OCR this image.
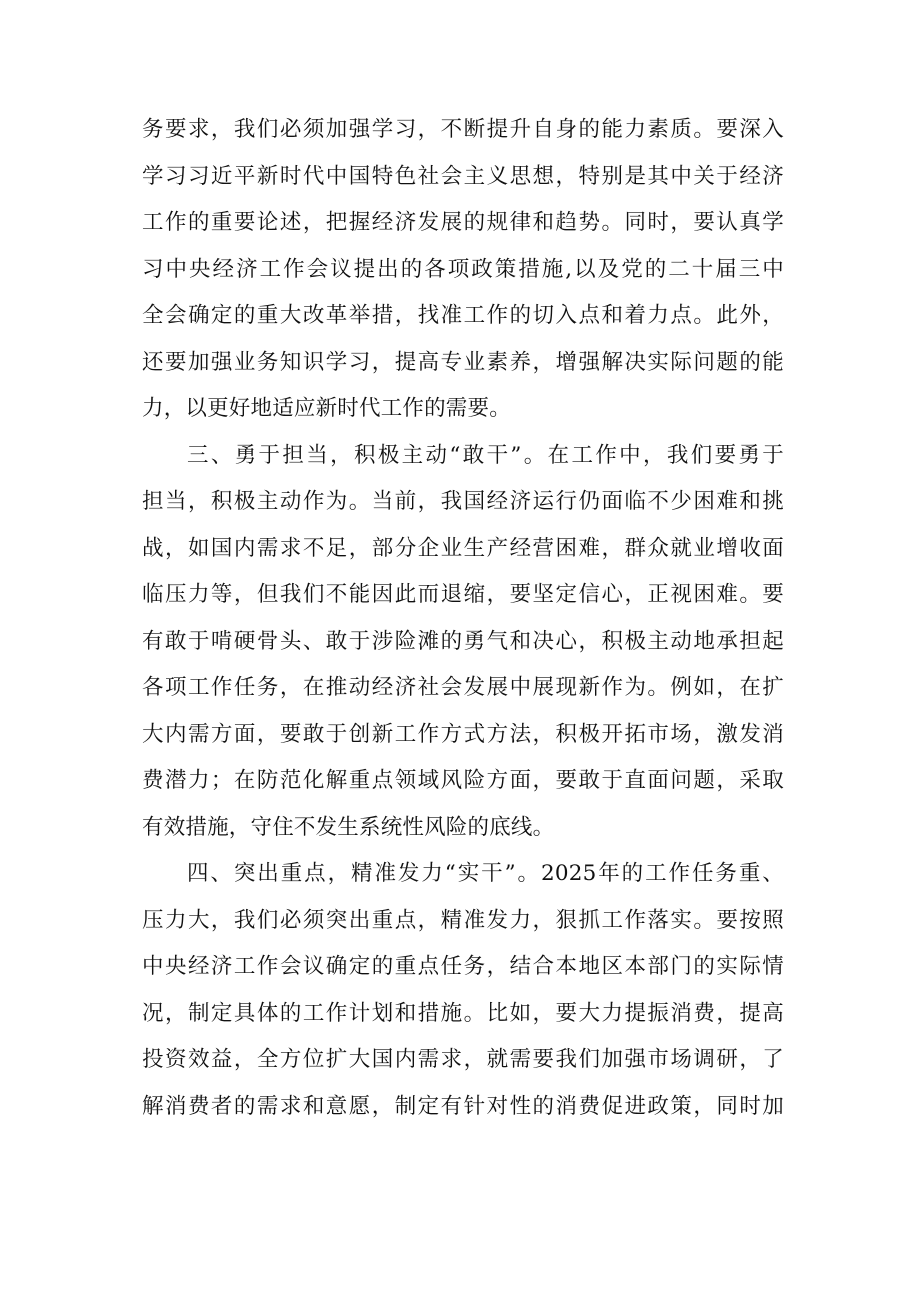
务要求，我们必须加强学习，不断提升自身的能力素质。要深入
学习习近平新时代中国特色社会主义思想，特别是其中关于经济
工作的重要论述，把握经济发展的规律和趋势。同时，要认真学
习中央经济工作会议提出的各项政策措施,以及党的二十届三中
全会确定的重大改革举措，找准工作的切入点和着力点。此外，
还要加强业务知识学习，提高专业素养，增强解决实际问题的能
力，以更好地适应新时代工作的需要。
三、勇于担当，积极主动“敢干”。在工作中，我们要勇于
担当，积极主动作为。当前，我国经济运行仍面临不少困难和挑
战，如国内需求不足，部分企业生产经营困难，群众就业增收面
临压力等，但我们不能因此而退缩，要坚定信心，正视困难。要
有敢于啃硬骨头、敢于涉险滩的勇气和决心，积极主动地承担起
各项工作任务，在推动经济社会发展中展现新作为。例如，在扩
大内需方面，要敢于创新工作方式方法，积极开拓市场，激发消
费潜力；在防范化解重点领域风险方面，要敢于直面问题，采取
有效措施，守住不发生系统性风险的底线。
四、突出重点，精准发力“实干”。2025年的工作任务重、
压力大，我们必须突出重点，精准发力，狠抓工作落实。要按照
中央经济工作会议确定的重点任务，结合本地区本部门的实际情
况，制定具体的工作计划和措施。比如，要大力提振消费，提高
投资效益，全方位扩大国内需求，就需要我们加强市场调研，了
解消费者的需求和意愿，制定有针对性的消费促进政策，同时加
